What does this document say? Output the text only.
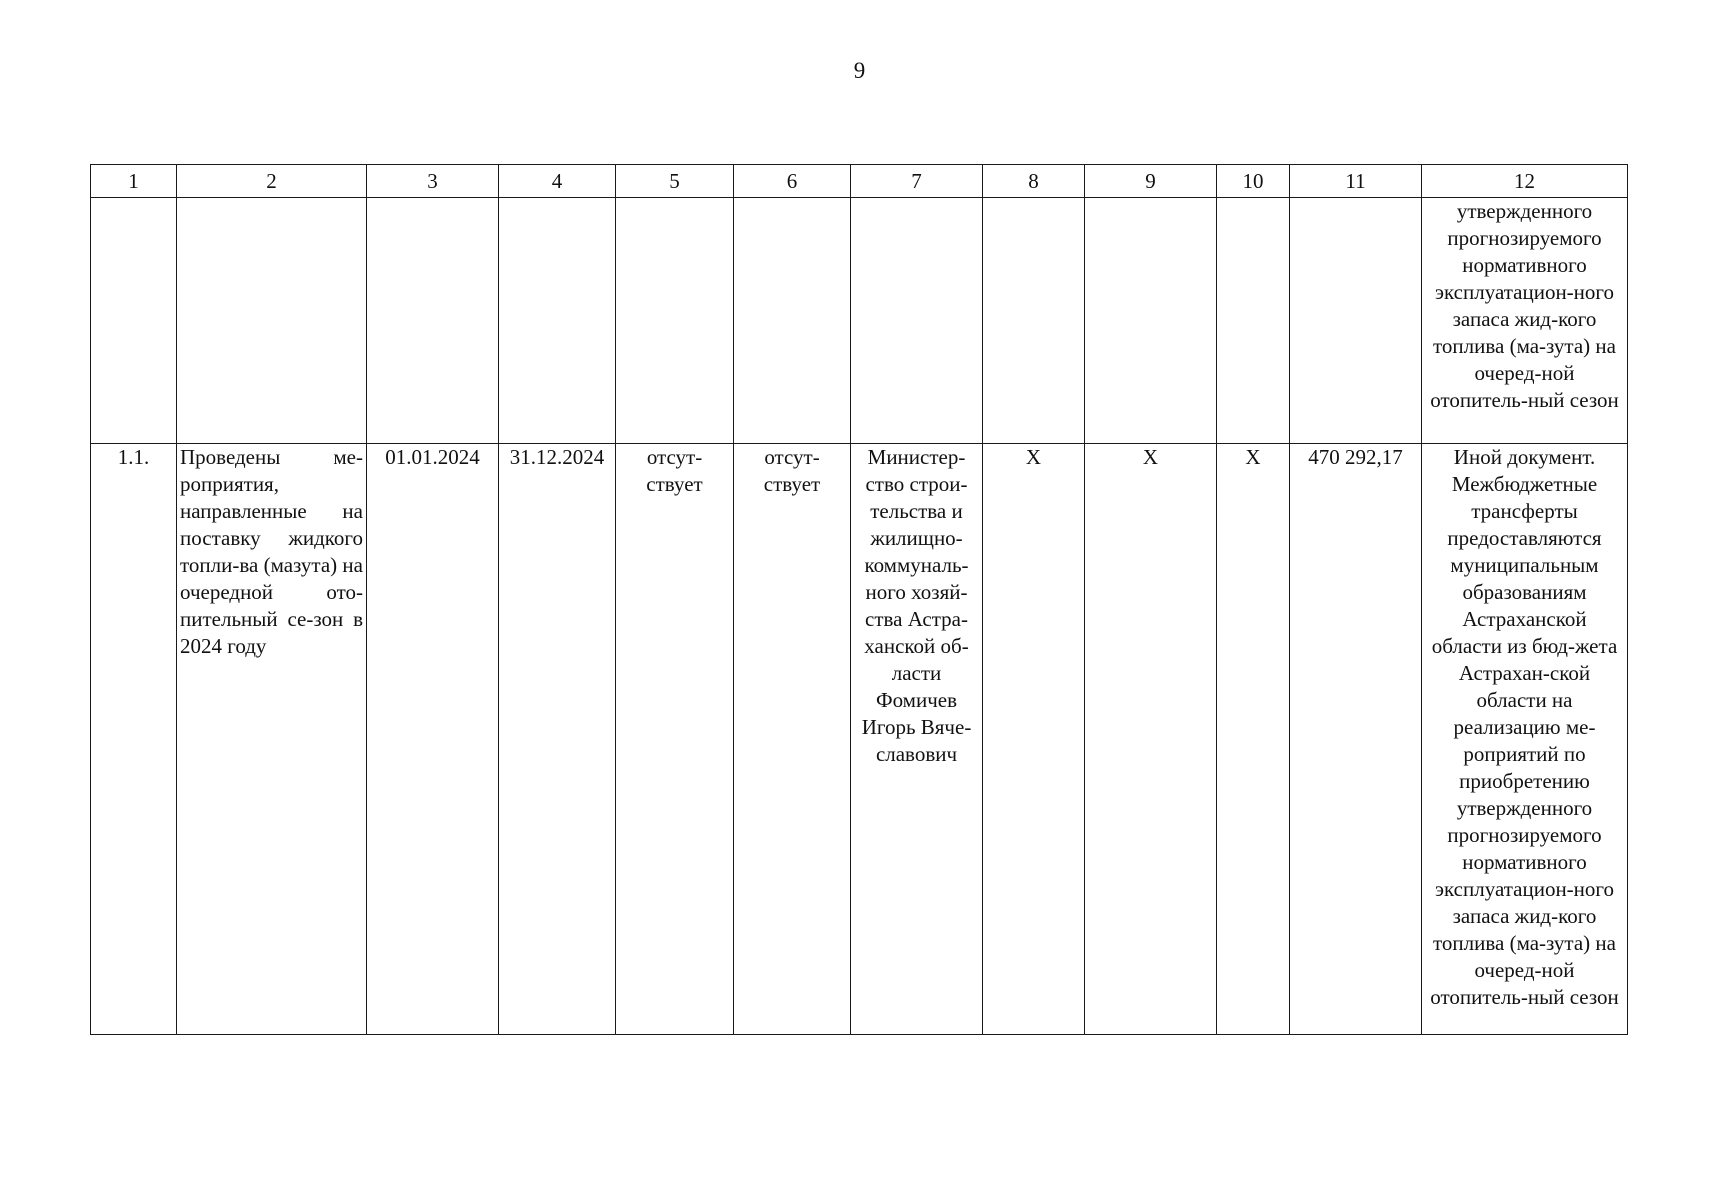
9
1	2	3	4	5	6	7	8	9	10	11	12
											утвержденного прогнозируемого нормативного эксплуатацион-ного запаса жид-кого топлива (ма-зута) на очеред-ной отопитель-ный сезон
1.1.	Проведены ме-роприятия, направленные на поставку жидкого топли-ва (мазута) на очередной ото-пительный се-зон в 2024 году	01.01.2024	31.12.2024	отсут-ствует	отсут-ствует	Министер-ство строи-тельства и жилищно-коммуналь-ного хозяй-ства Астра-ханской об-ласти Фомичев Игорь Вяче-славович	Х	Х	Х	470 292,17	Иной документ. Межбюджетные трансферты предоставляются муниципальным образованиям Астраханской области из бюд-жета Астрахан-ской области на реализацию ме-роприятий по приобретению утвержденного прогнозируемого нормативного эксплуатацион-ного запаса жид-кого топлива (ма-зута) на очеред-ной отопитель-ный сезон
